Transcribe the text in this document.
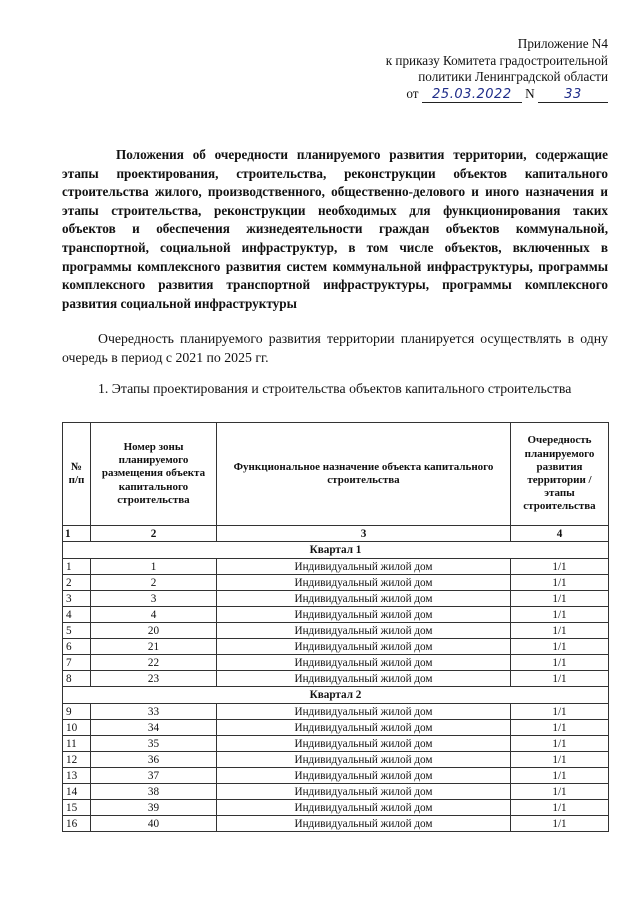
Приложение N4
к приказу Комитета градостроительной
политики Ленинградской области
от 25.03.2022 N 33
Положения об очередности планируемого развития территории, содержащие этапы проектирования, строительства, реконструкции объектов капитального строительства жилого, производственного, общественно-делового и иного назначения и этапы строительства, реконструкции необходимых для функционирования таких объектов и обеспечения жизнедеятельности граждан объектов коммунальной, транспортной, социальной инфраструктур, в том числе объектов, включенных в программы комплексного развития систем коммунальной инфраструктуры, программы комплексного развития транспортной инфраструктуры, программы комплексного развития социальной инфраструктуры
Очередность планируемого развития территории планируется осуществлять в одну очередь в период с 2021 по 2025 гг.
1. Этапы проектирования и строительства объектов капитального строительства
№ п/п	Номер зоны планируемого размещения объекта капитального строительства	Функциональное назначение объекта капитального строительства	Очередность планируемого развития территории / этапы строительства
1	2	3	4
Квартал 1			
1	1	Индивидуальный жилой дом	1/1
2	2	Индивидуальный жилой дом	1/1
3	3	Индивидуальный жилой дом	1/1
4	4	Индивидуальный жилой дом	1/1
5	20	Индивидуальный жилой дом	1/1
6	21	Индивидуальный жилой дом	1/1
7	22	Индивидуальный жилой дом	1/1
8	23	Индивидуальный жилой дом	1/1
Квартал 2			
9	33	Индивидуальный жилой дом	1/1
10	34	Индивидуальный жилой дом	1/1
11	35	Индивидуальный жилой дом	1/1
12	36	Индивидуальный жилой дом	1/1
13	37	Индивидуальный жилой дом	1/1
14	38	Индивидуальный жилой дом	1/1
15	39	Индивидуальный жилой дом	1/1
16	40	Индивидуальный жилой дом	1/1
